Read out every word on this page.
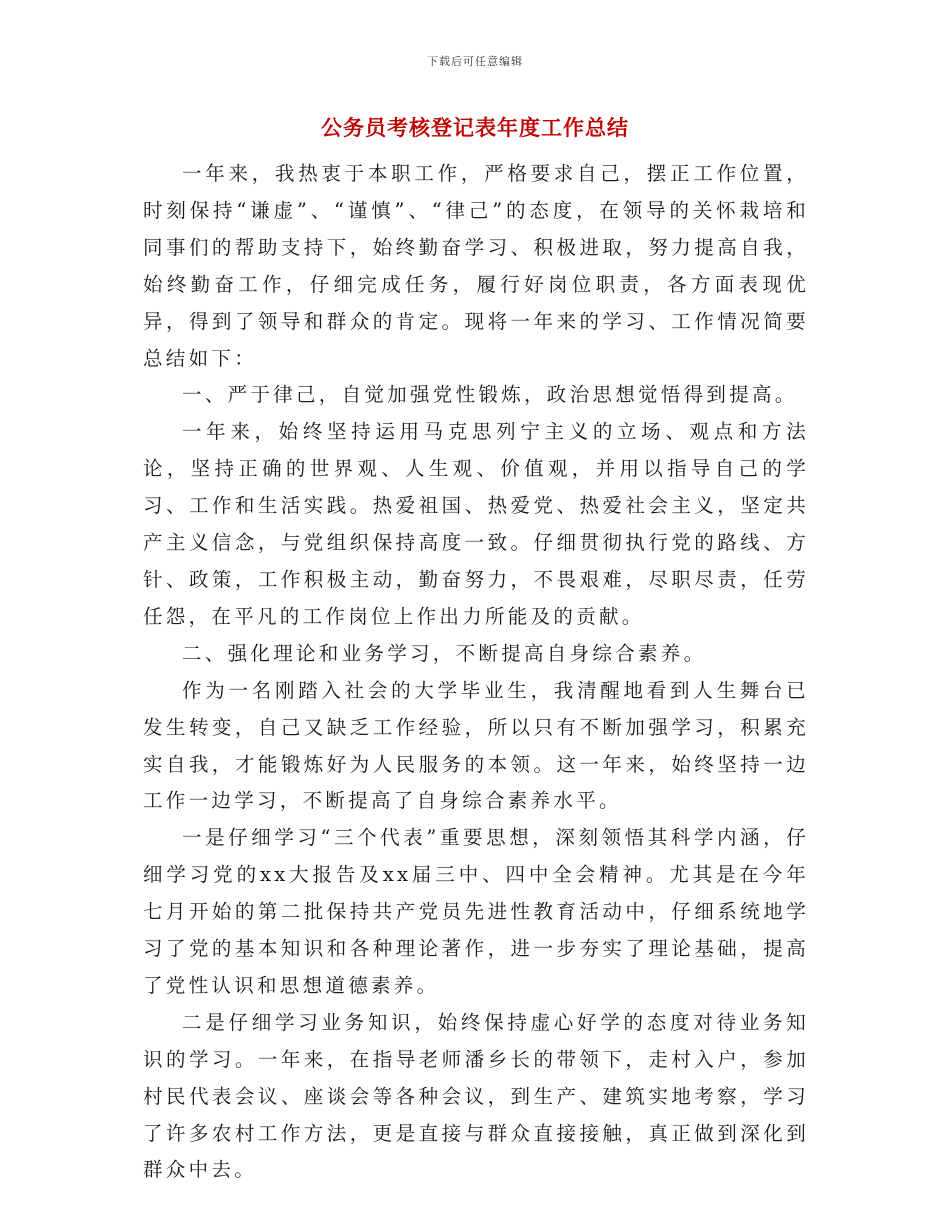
下载后可任意编辑
公务员考核登记表年度工作总结

一年来，我热衷于本职工作，严格要求自己，摆正工作位置，时刻保持“谦虚”、“谨慎”、“律己”的态度，在领导的关怀栽培和同事们的帮助支持下，始终勤奋学习、积极进取，努力提高自我，始终勤奋工作，仔细完成任务，履行好岗位职责，各方面表现优异，得到了领导和群众的肯定。现将一年来的学习、工作情况简要总结如下：

一、严于律己，自觉加强党性锻炼，政治思想觉悟得到提高。

一年来，始终坚持运用马克思列宁主义的立场、观点和方法论，坚持正确的世界观、人生观、价值观，并用以指导自己的学习、工作和生活实践。热爱祖国、热爱党、热爱社会主义，坚定共产主义信念，与党组织保持高度一致。仔细贯彻执行党的路线、方针、政策，工作积极主动，勤奋努力，不畏艰难，尽职尽责，任劳任怨，在平凡的工作岗位上作出力所能及的贡献。

二、强化理论和业务学习，不断提高自身综合素养。

作为一名刚踏入社会的大学毕业生，我清醒地看到人生舞台已发生转变，自己又缺乏工作经验，所以只有不断加强学习，积累充实自我，才能锻炼好为人民服务的本领。这一年来，始终坚持一边工作一边学习，不断提高了自身综合素养水平。

一是仔细学习“三个代表”重要思想，深刻领悟其科学内涵，仔细学习党的xx大报告及xx届三中、四中全会精神。尤其是在今年七月开始的第二批保持共产党员先进性教育活动中，仔细系统地学习了党的基本知识和各种理论著作，进一步夯实了理论基础，提高了党性认识和思想道德素养。

二是仔细学习业务知识，始终保持虚心好学的态度对待业务知识的学习。一年来，在指导老师潘乡长的带领下，走村入户，参加村民代表会议、座谈会等各种会议，到生产、建筑实地考察，学习了许多农村工作方法，更是直接与群众直接接触，真正做到深化到群众中去。
